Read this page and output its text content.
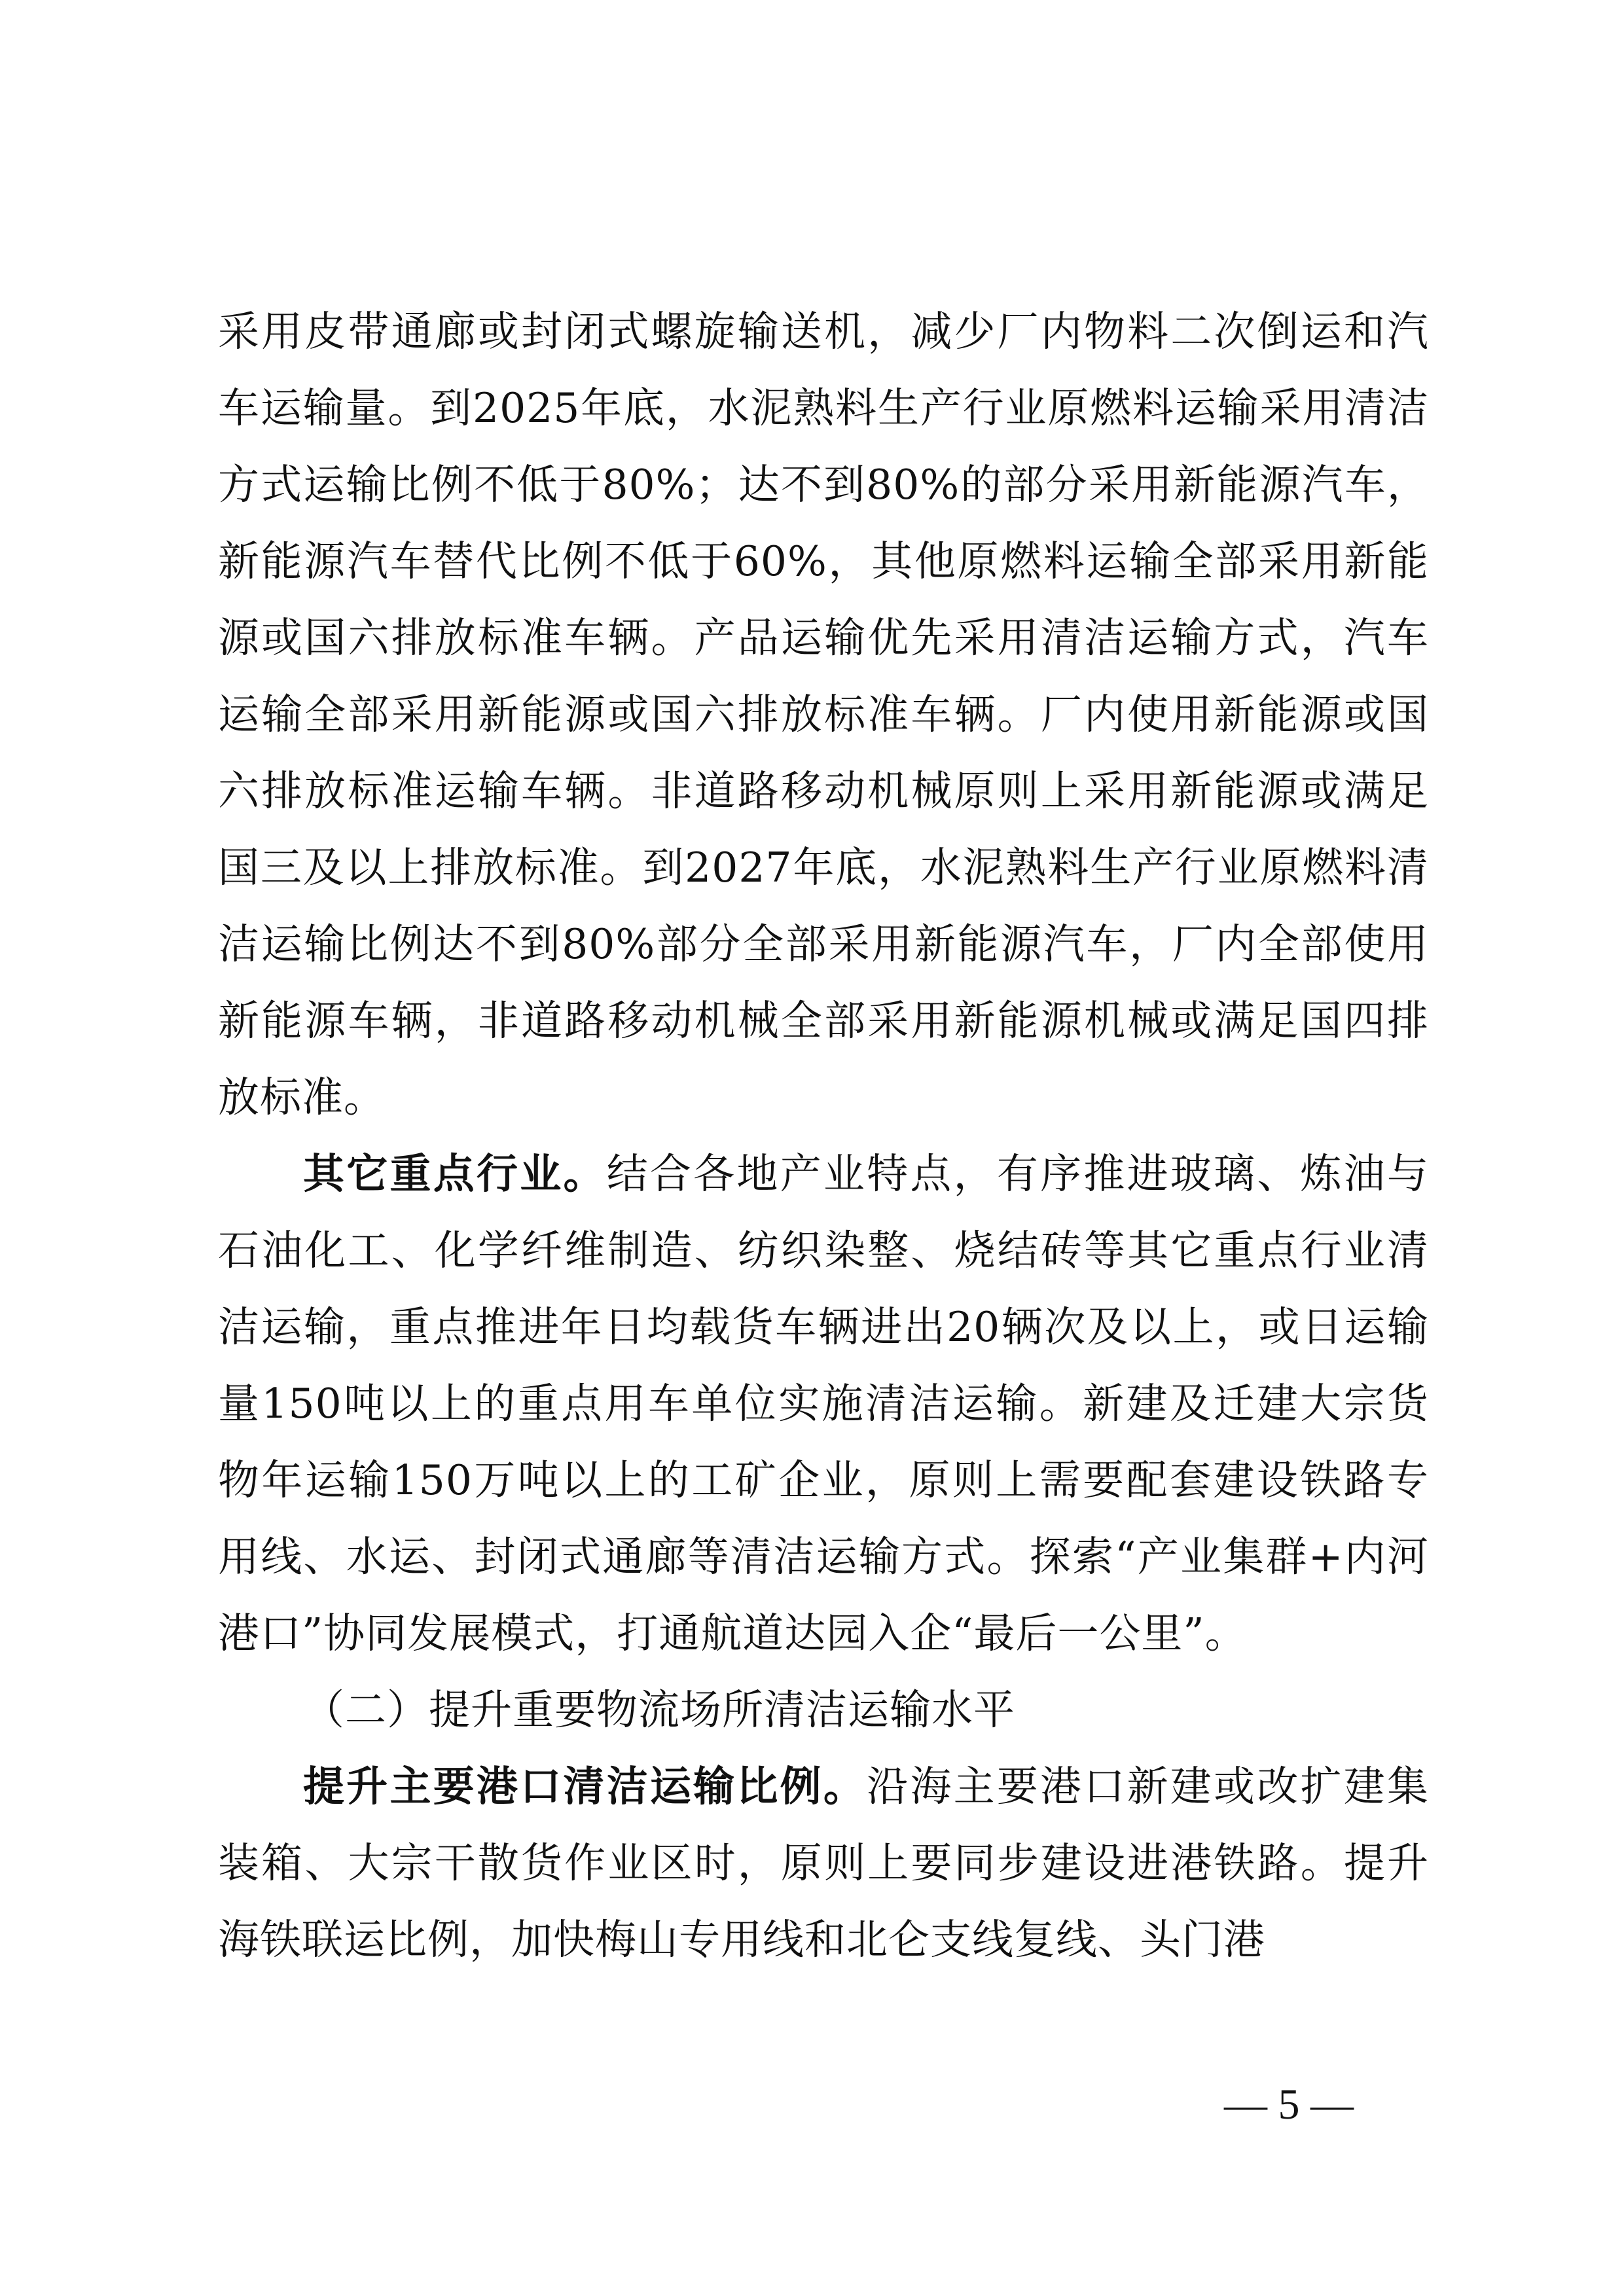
采用皮带通廊或封闭式螺旋输送机，减少厂内物料二次倒运和汽车运输量。到2025年底，水泥熟料生产行业原燃料运输采用清洁方式运输比例不低于80%；达不到80%的部分采用新能源汽车，新能源汽车替代比例不低于60%，其他原燃料运输全部采用新能源或国六排放标准车辆。产品运输优先采用清洁运输方式，汽车运输全部采用新能源或国六排放标准车辆。厂内使用新能源或国六排放标准运输车辆。非道路移动机械原则上采用新能源或满足国三及以上排放标准。到2027年底，水泥熟料生产行业原燃料清洁运输比例达不到80%部分全部采用新能源汽车，厂内全部使用新能源车辆，非道路移动机械全部采用新能源机械或满足国四排放标准。

其它重点行业。结合各地产业特点，有序推进玻璃、炼油与石油化工、化学纤维制造、纺织染整、烧结砖等其它重点行业清洁运输，重点推进年日均载货车辆进出20辆次及以上，或日运输量150吨以上的重点用车单位实施清洁运输。新建及迁建大宗货物年运输150万吨以上的工矿企业，原则上需要配套建设铁路专用线、水运、封闭式通廊等清洁运输方式。探索“产业集群+内河港口”协同发展模式，打通航道达园入企“最后一公里”。

（二）提升重要物流场所清洁运输水平

提升主要港口清洁运输比例。沿海主要港口新建或改扩建集装箱、大宗干散货作业区时，原则上要同步建设进港铁路。提升海铁联运比例，加快梅山专用线和北仑支线复线、头门港

— 5 —
